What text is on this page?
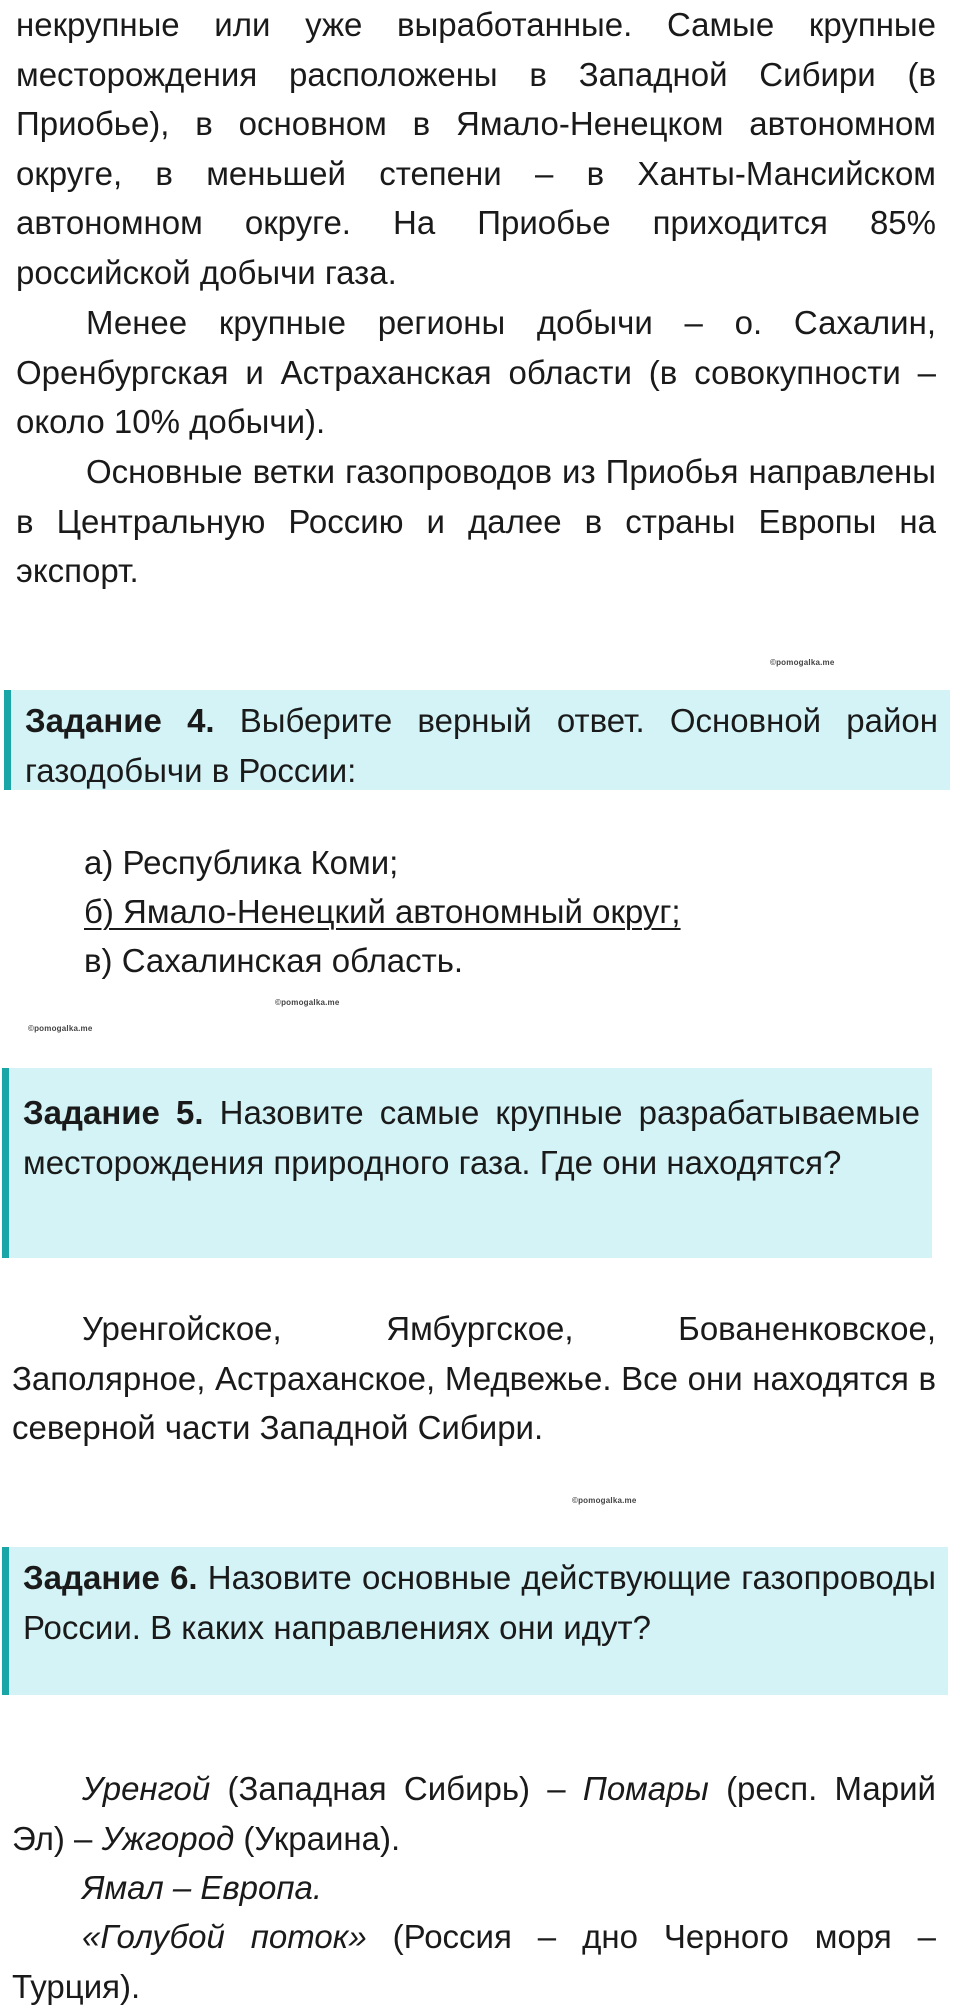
некрупные или уже выработанные. Самые крупные месторождения расположены в Западной Сибири (в Приобье), в основном в Ямало-Ненецком автономном округе, в меньшей степени – в Ханты-Мансийском автономном округе. На Приобье приходится 85% российской добычи газа.

Менее крупные регионы добычи – о. Сахалин, Оренбургская и Астраханская области (в совокупности – около 10% добычи).

Основные ветки газопроводов из Приобья направлены в Центральную Россию и далее в страны Европы на экспорт.

©pomogalka.me
Задание 4. Выберите верный ответ. Основной район газодобычи в России:
а) Республика Коми;
б) Ямало-Ненецкий автономный округ;
в) Сахалинская область.
©pomogalka.me
©pomogalka.me
Задание 5. Назовите самые крупные разрабатываемые месторождения природного газа. Где они находятся?

Уренгойское, Ямбургское, Бованенковское, Заполярное, Астраханское, Медвежье. Все они находятся в северной части Западной Сибири.

©pomogalka.me
Задание 6. Назовите основные действующие газопроводы России. В каких направлениях они идут?

Уренгой (Западная Сибирь) – Помары (респ. Марий Эл) – Ужгород (Украина).

Ямал – Европа.

«Голубой поток» (Россия – дно Черного моря – Турция).
